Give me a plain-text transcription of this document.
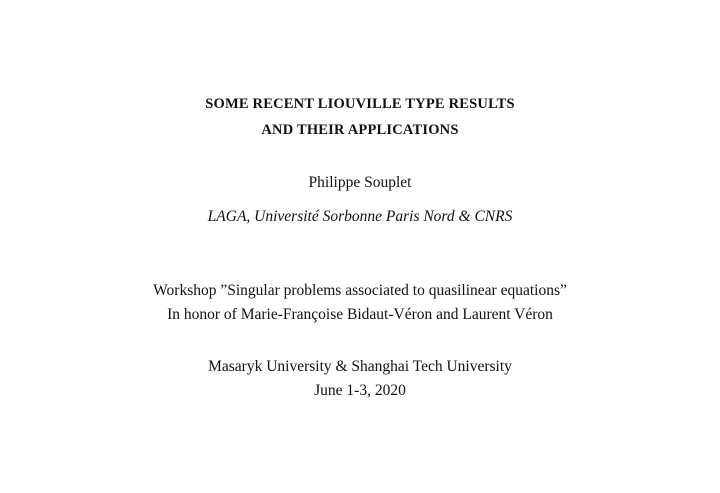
SOME RECENT LIOUVILLE TYPE RESULTS
AND THEIR APPLICATIONS
Philippe Souplet
LAGA, Université Sorbonne Paris Nord & CNRS
Workshop ”Singular problems associated to quasilinear equations”
In honor of Marie-Françoise Bidaut-Véron and Laurent Véron
Masaryk University & Shanghai Tech University
June 1-3, 2020
